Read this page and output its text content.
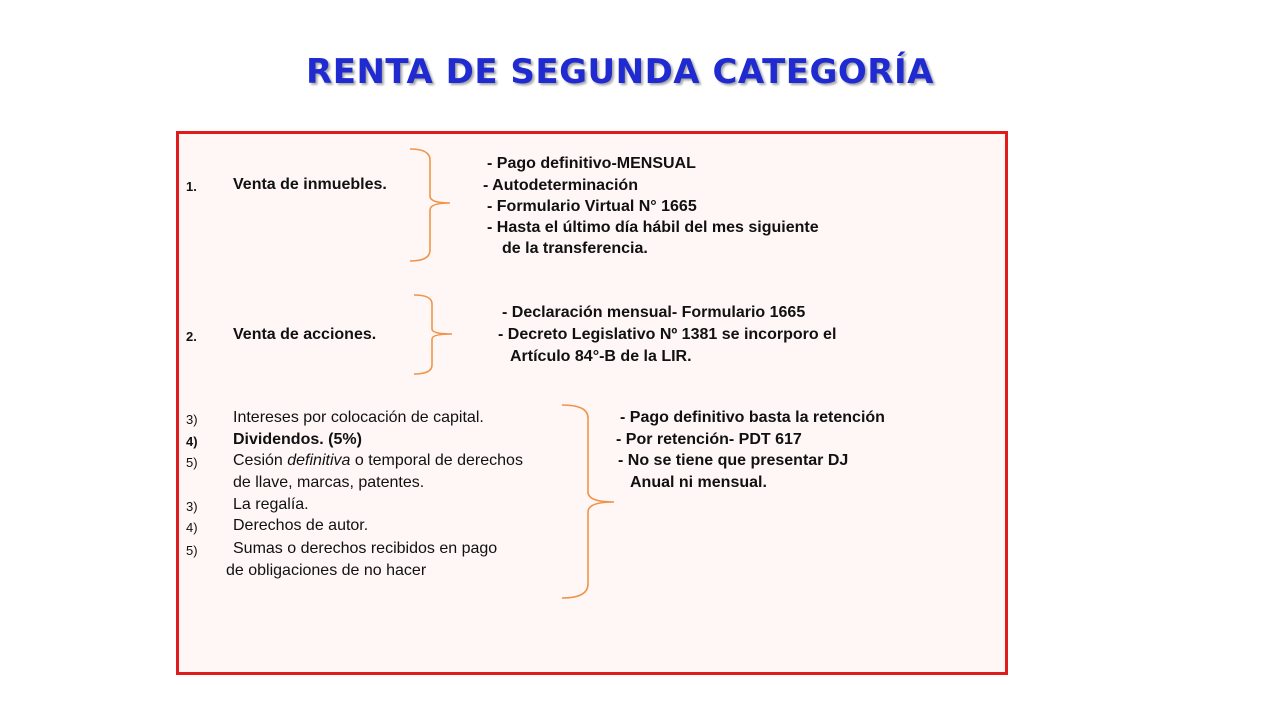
RENTA DE SEGUNDA CATEGORÍA
1. Venta de inmuebles.
- Pago definitivo-MENSUAL
- Autodeterminación
- Formulario Virtual N° 1665
- Hasta el último día hábil del mes siguiente
de la transferencia.
2. Venta de acciones.
- Declaración mensual- Formulario 1665
- Decreto Legislativo Nº 1381 se incorporo el
Artículo 84°-B de la LIR.
3) Intereses por colocación de capital.
4) Dividendos. (5%)
5) Cesión definitiva o temporal de derechos
de llave, marcas, patentes.
3) La regalía.
4) Derechos de autor.
5) Sumas o derechos recibidos en pago
de obligaciones de no hacer
- Pago definitivo basta la retención
- Por retención- PDT 617
- No se tiene que presentar DJ
Anual ni mensual.
